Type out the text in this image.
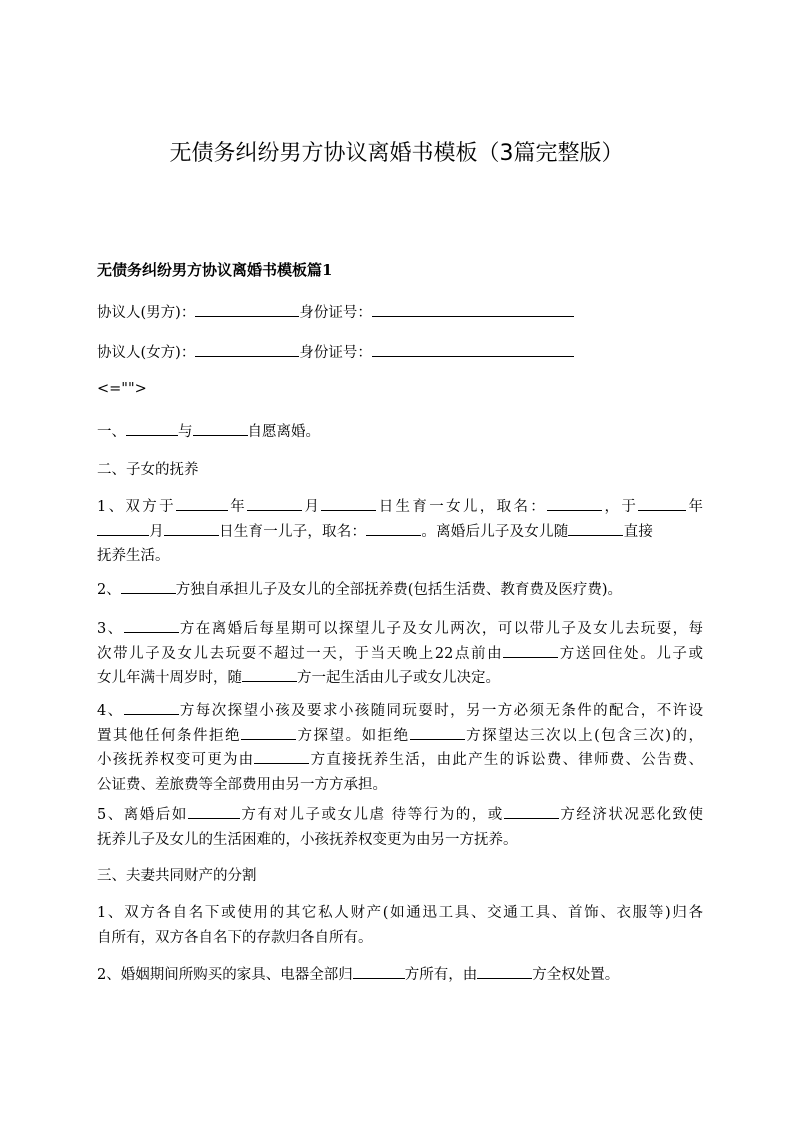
无债务纠纷男方协议离婚书模板（3篇完整版）
无债务纠纷男方协议离婚书模板篇1
协议人(男方)：	身份证号：
协议人(女方)：	身份证号：
<="">
一、	与	自愿离婚。
二、子女的抚养
1、双方于	年	月	日生育一女儿，取名：	，于	年
月	日生育一儿子，取名：	。离婚后儿子及女儿随	直接
抚养生活。
2、	方独自承担儿子及女儿的全部抚养费(包括生活费、教育费及医疗费)。
3、	方在离婚后每星期可以探望儿子及女儿两次，可以带儿子及女儿去玩耍，每
次带儿子及女儿去玩耍不超过一天，于当天晚上22点前由	方送回住处。儿子或
女儿年满十周岁时，随	方一起生活由儿子或女儿决定。
4、	方每次探望小孩及要求小孩随同玩耍时，另一方必须无条件的配合，不许设
置其他任何条件拒绝	方探望。如拒绝	方探望达三次以上(包含三次)的，
小孩抚养权变可更为由	方直接抚养生活，由此产生的诉讼费、律师费、公告费、
公证费、差旅费等全部费用由另一方方承担。
5、离婚后如	方有对儿子或女儿虐 待等行为的，或	方经济状况恶化致使
抚养儿子及女儿的生活困难的，小孩抚养权变更为由另一方抚养。
三、夫妻共同财产的分割
1、双方各自名下或使用的其它私人财产(如通迅工具、交通工具、首饰、衣服等)归各
自所有，双方各自名下的存款归各自所有。
2、婚姻期间所购买的家具、电器全部归	方所有，由	方全权处置。
